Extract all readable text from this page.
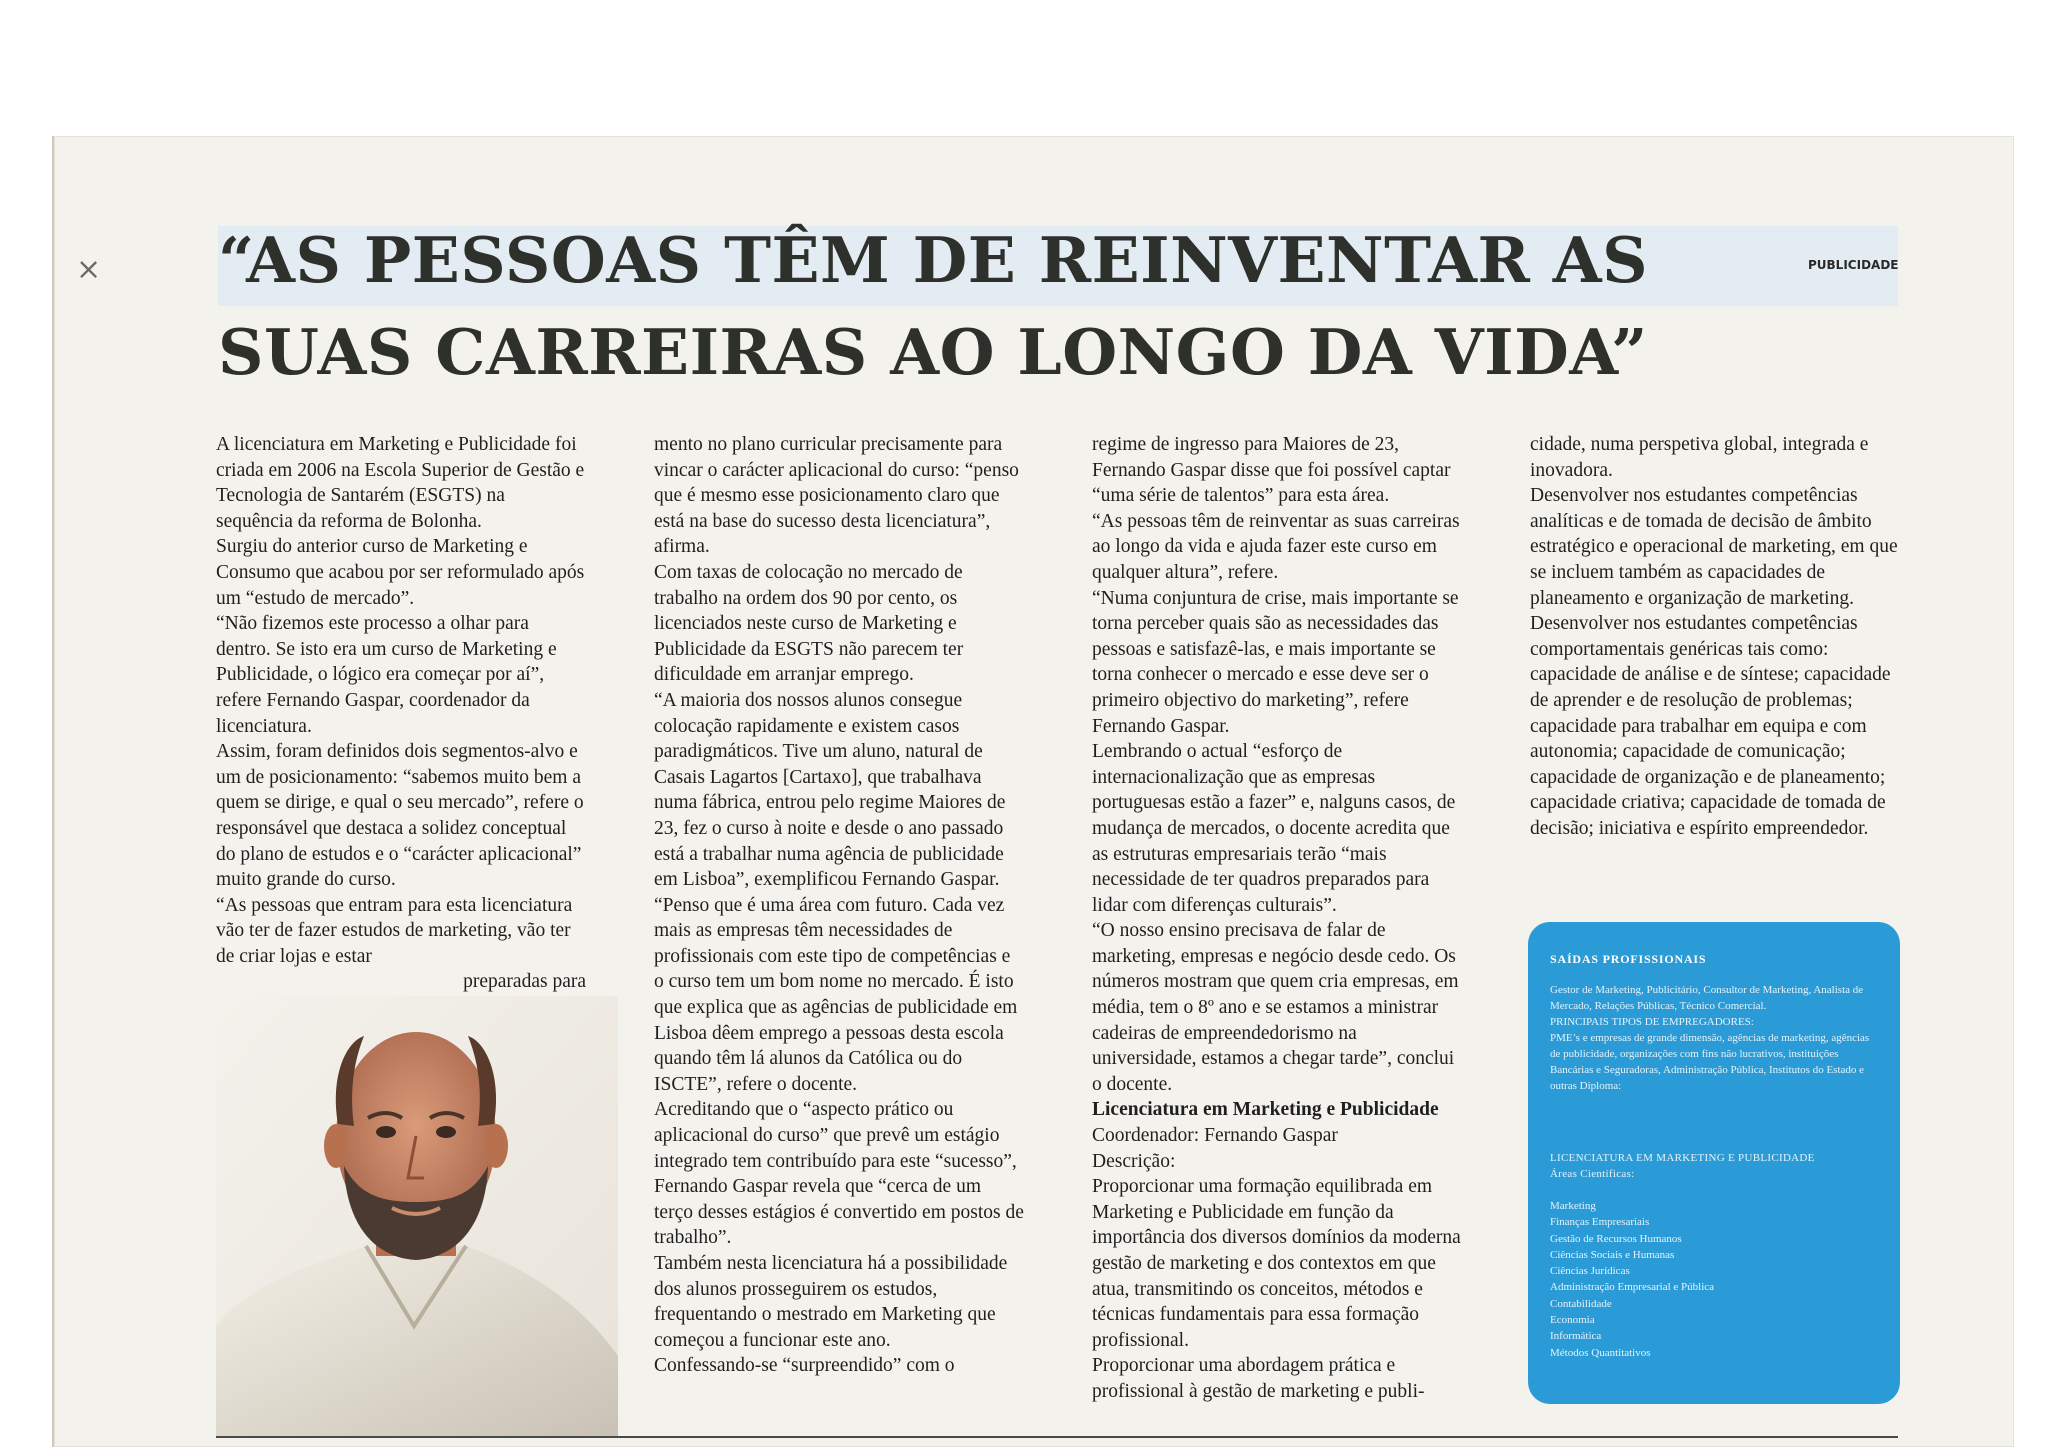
⨯ “AS PESSOAS TÊM DE REINVENTAR AS SUAS CARREIRAS AO LONGO DA VIDA”
PUBLICIDADE

A licenciatura em Marketing e Publicidade foi criada em 2006 na Escola Superior de Gestão e Tecnologia de Santarém (ESGTS) na sequência da reforma de Bolonha.

Surgiu do anterior curso de Marketing e Consumo que acabou por ser reformulado após um “estudo de mercado”.

“Não fizemos este processo a olhar para dentro. Se isto era um curso de Marketing e Publicidade, o lógico era começar por aí”, refere Fernando Gaspar, coordenador da licenciatura.

Assim, foram definidos dois segmentos-alvo e um de posicionamento: “sabemos muito bem a quem se dirige, e qual o seu mercado”, refere o responsável que destaca a solidez conceptual do plano de estudos e o “carácter aplicacional” muito grande do curso.

“As pessoas que entram para esta licenciatura vão ter de fazer estudos de marketing, vão ter de criar lojas e estar

preparadas para

mento no plano curricular precisamente para vincar o carácter aplicacional do curso: “penso que é mesmo esse posicionamento claro que está na base do sucesso desta licenciatura”, afirma.

Com taxas de colocação no mercado de trabalho na ordem dos 90 por cento, os licenciados neste curso de Marketing e Publicidade da ESGTS não parecem ter dificuldade em arranjar emprego.

“A maioria dos nossos alunos consegue colocação rapidamente e existem casos paradigmáticos. Tive um aluno, natural de Casais Lagartos [Cartaxo], que trabalhava numa fábrica, entrou pelo regime Maiores de 23, fez o curso à noite e desde o ano passado está a trabalhar numa agência de publicidade em Lisboa”, exemplificou Fernando Gaspar.

“Penso que é uma área com futuro. Cada vez mais as empresas têm necessidades de profissionais com este tipo de competências e o curso tem um bom nome no mercado. É isto que explica que as agências de publicidade em Lisboa dêem emprego a pessoas desta escola quando têm lá alunos da Católica ou do ISCTE”, refere o docente.

Acreditando que o “aspecto prático ou aplicacional do curso” que prevê um estágio integrado tem contribuído para este “sucesso”, Fernando Gaspar revela que “cerca de um terço desses estágios é convertido em postos de trabalho”.

Também nesta licenciatura há a possibilidade dos alunos prosseguirem os estudos, frequentando o mestrado em Marketing que começou a funcionar este ano.

Confessando-se “surpreendido” com o

regime de ingresso para Maiores de 23, Fernando Gaspar disse que foi possível captar “uma série de talentos” para esta área.

“As pessoas têm de reinventar as suas carreiras ao longo da vida e ajuda fazer este curso em qualquer altura”, refere.

“Numa conjuntura de crise, mais importante se torna perceber quais são as necessidades das pessoas e satisfazê-las, e mais importante se torna conhecer o mercado e esse deve ser o primeiro objectivo do marketing”, refere Fernando Gaspar.

Lembrando o actual “esforço de internacionalização que as empresas portuguesas estão a fazer” e, nalguns casos, de mudança de mercados, o docente acredita que as estruturas empresariais terão “mais necessidade de ter quadros preparados para lidar com diferenças culturais”.

“O nosso ensino precisava de falar de marketing, empresas e negócio desde cedo. Os números mostram que quem cria empresas, em média, tem o 8º ano e se estamos a ministrar cadeiras de empreendedorismo na universidade, estamos a chegar tarde”, conclui o docente.

Licenciatura em Marketing e Publicidade

Coordenador: Fernando Gaspar

Descrição:

Proporcionar uma formação equilibrada em Marketing e Publicidade em função da importância dos diversos domínios da moderna gestão de marketing e dos contextos em que atua, transmitindo os conceitos, métodos e técnicas fundamentais para essa formação profissional.

Proporcionar uma abordagem prática e profissional à gestão de marketing e publi-

cidade, numa perspetiva global, integrada e inovadora.

Desenvolver nos estudantes competências analíticas e de tomada de decisão de âmbito estratégico e operacional de marketing, em que se incluem também as capacidades de planeamento e organização de marketing.

Desenvolver nos estudantes competências comportamentais genéricas tais como: capacidade de análise e de síntese; capacidade de aprender e de resolução de problemas; capacidade para trabalhar em equipa e com autonomia; capacidade de comunicação; capacidade de organização e de planeamento; capacidade criativa; capacidade de tomada de decisão; iniciativa e espírito empreendedor.

SAÍDAS PROFISSIONAIS

Gestor de Marketing, Publicitário, Consultor de Marketing, Analista de Mercado, Relações Públicas, Técnico Comercial.

PRINCIPAIS TIPOS DE EMPREGADORES:

PME’s e empresas de grande dimensão, agências de marketing, agências de publicidade, organizações com fins não lucrativos, instituições Bancárias e Seguradoras, Administração Pública, Institutos do Estado e outras Diploma:

LICENCIATURA EM MARKETING E PUBLICIDADE
Áreas Científicas:
Marketing
Finanças Empresariais
Gestão de Recursos Humanos
Ciências Sociais e Humanas
Ciências Jurídicas
Administração Empresarial e Pública
Contabilidade
Economia
Informática
Métodos Quantitativos
